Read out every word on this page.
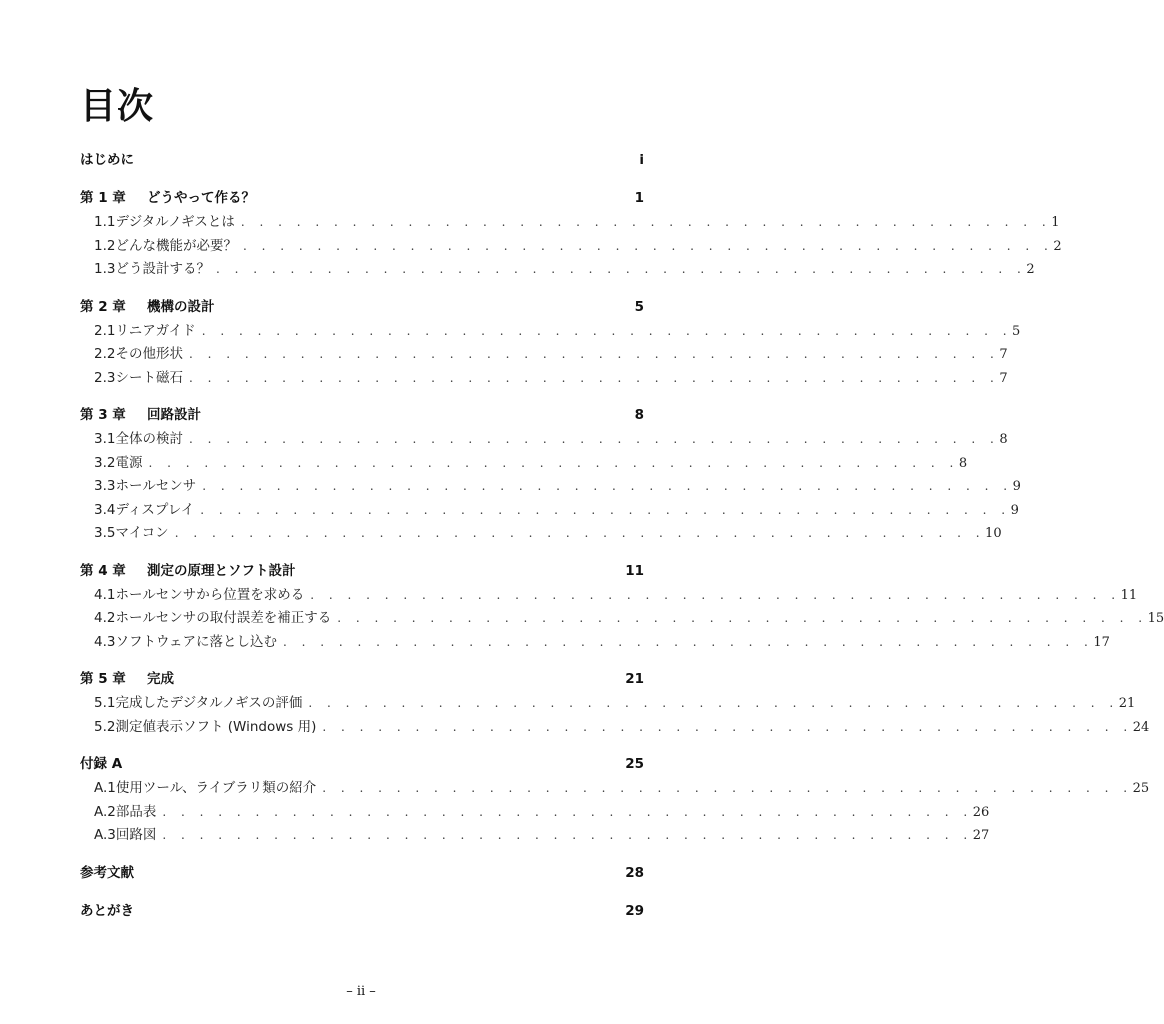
目次
はじめに	i
第 1 章	どうやって作る？	1
1.1 デジタルノギスとは . . . . . . . . . . . . . . . . . . . . . . . . . . . . . . . . . . . . . . . . . . . . 1
1.2 どんな機能が必要？ . . . . . . . . . . . . . . . . . . . . . . . . . . . . . . . . . . . . . . . . . . . . 2
1.3 どう設計する？ . . . . . . . . . . . . . . . . . . . . . . . . . . . . . . . . . . . . . . . . . . . . 2
第 2 章	機構の設計	5
2.1 リニアガイド . . . . . . . . . . . . . . . . . . . . . . . . . . . . . . . . . . . . . . . . . . . . 5
2.2 その他形状 . . . . . . . . . . . . . . . . . . . . . . . . . . . . . . . . . . . . . . . . . . . . 7
2.3 シート磁石 . . . . . . . . . . . . . . . . . . . . . . . . . . . . . . . . . . . . . . . . . . . . 7
第 3 章	回路設計	8
3.1 全体の検討 . . . . . . . . . . . . . . . . . . . . . . . . . . . . . . . . . . . . . . . . . . . . 8
3.2 電源 . . . . . . . . . . . . . . . . . . . . . . . . . . . . . . . . . . . . . . . . . . . . 8
3.3 ホールセンサ . . . . . . . . . . . . . . . . . . . . . . . . . . . . . . . . . . . . . . . . . . . . 9
3.4 ディスプレイ . . . . . . . . . . . . . . . . . . . . . . . . . . . . . . . . . . . . . . . . . . . . 9
3.5 マイコン . . . . . . . . . . . . . . . . . . . . . . . . . . . . . . . . . . . . . . . . . . . . 10
第 4 章	測定の原理とソフト設計	11
4.1 ホールセンサから位置を求める . . . . . . . . . . . . . . . . . . . . . . . . . . . . . . . . . . . . . . . . . . . . 11
4.2 ホールセンサの取付誤差を補正する . . . . . . . . . . . . . . . . . . . . . . . . . . . . . . . . . . . . . . . . . . . . 15
4.3 ソフトウェアに落とし込む . . . . . . . . . . . . . . . . . . . . . . . . . . . . . . . . . . . . . . . . . . . . 17
第 5 章	完成	21
5.1 完成したデジタルノギスの評価 . . . . . . . . . . . . . . . . . . . . . . . . . . . . . . . . . . . . . . . . . . . . 21
5.2 測定値表示ソフト (Windows 用) . . . . . . . . . . . . . . . . . . . . . . . . . . . . . . . . . . . . . . . . . . . . 24
付録 A	25
A.1 使用ツール、ライブラリ類の紹介 . . . . . . . . . . . . . . . . . . . . . . . . . . . . . . . . . . . . . . . . . . . . 25
A.2 部品表 . . . . . . . . . . . . . . . . . . . . . . . . . . . . . . . . . . . . . . . . . . . . 26
A.3 回路図 . . . . . . . . . . . . . . . . . . . . . . . . . . . . . . . . . . . . . . . . . . . . 27
参考文献	28
あとがき	29
– ii –
